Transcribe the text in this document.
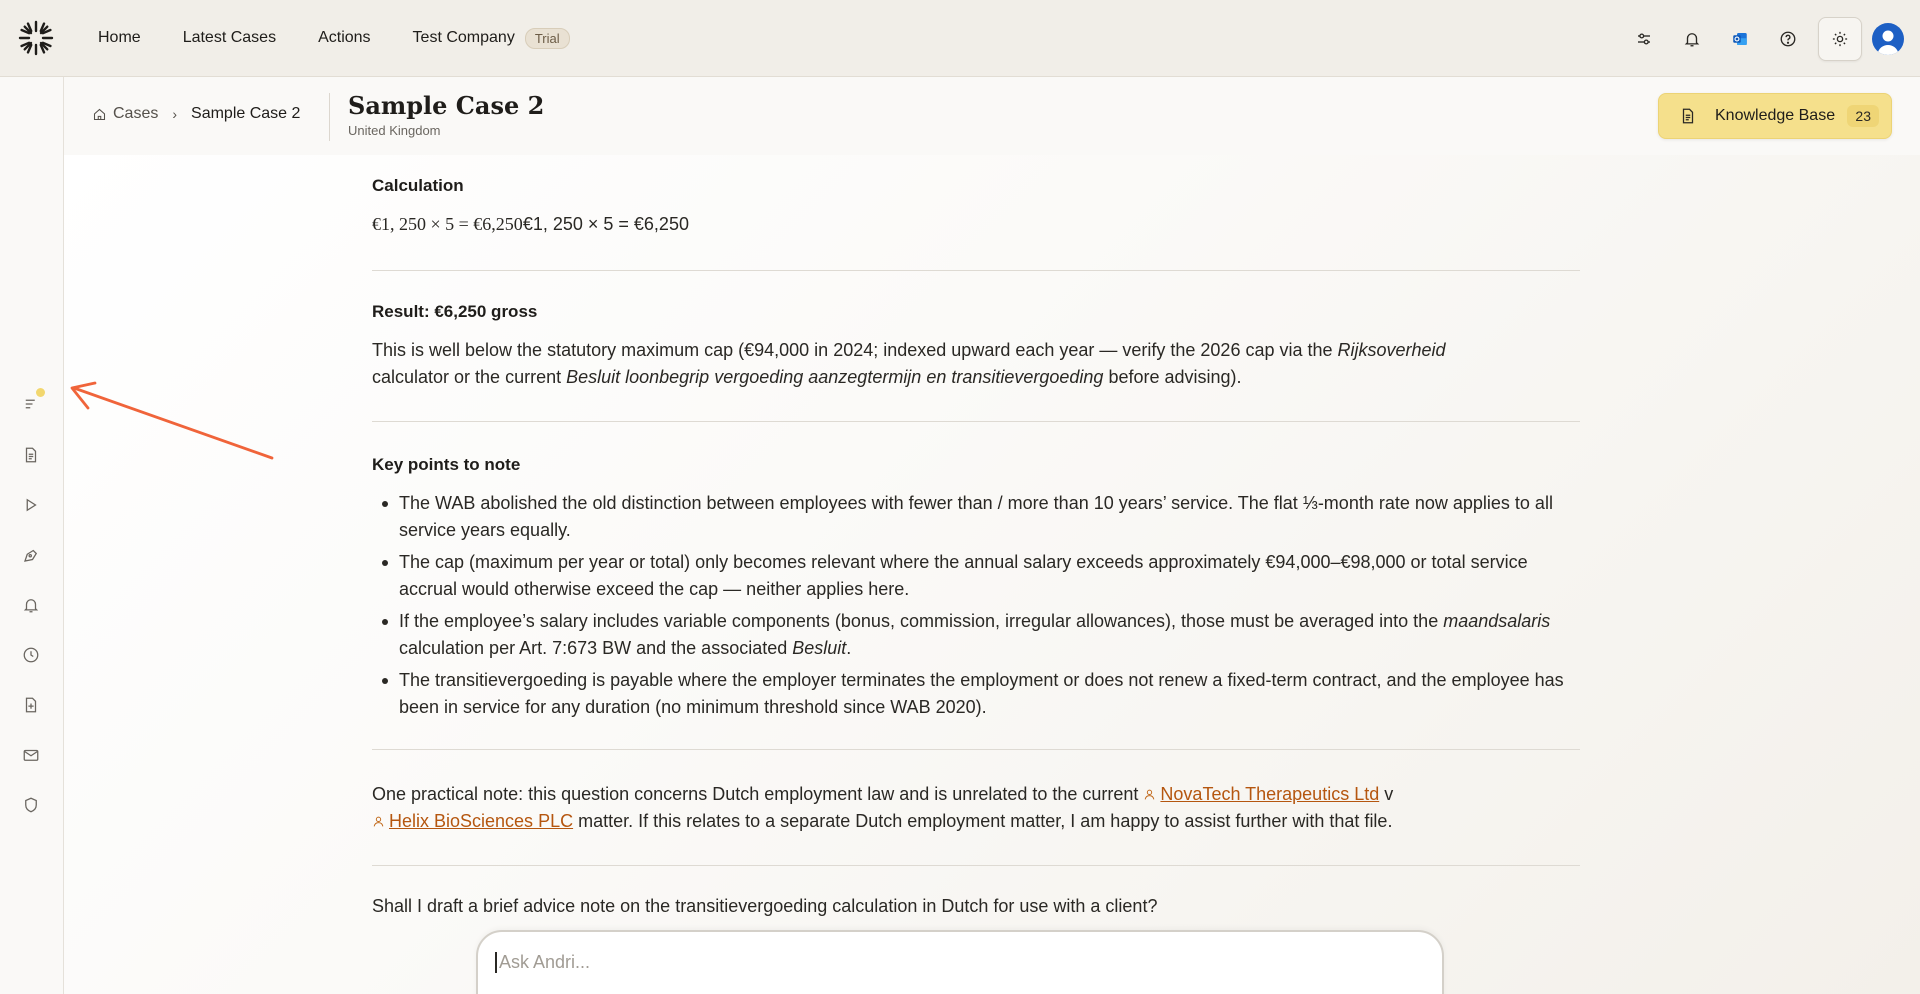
Home	Latest Cases	Actions	Test Company	Trial
Cases › Sample Case 2 Sample Case 2
United Kingdom
Knowledge Base	23
Calculation
€1, 250 × 5 = €6,250€1, 250 × 5 = €6,250
Result: €6,250 gross
This is well below the statutory maximum cap (€94,000 in 2024; indexed upward each year — verify the 2026 cap via the Rijksoverheid
calculator or the current Besluit loonbegrip vergoeding aanzegtermijn en transitievergoeding before advising).
Key points to note
The WAB abolished the old distinction between employees with fewer than / more than 10 years’ service. The flat ⅓-month rate now applies to all service years equally.
The cap (maximum per year or total) only becomes relevant where the annual salary exceeds approximately €94,000–€98,000 or total service accrual would otherwise exceed the cap — neither applies here.
If the employee’s salary includes variable components (bonus, commission, irregular allowances), those must be averaged into the maandsalaris calculation per Art. 7:673 BW and the associated Besluit.
The transitievergoeding is payable where the employer terminates the employment or does not renew a fixed-term contract, and the employee has been in service for any duration (no minimum threshold since WAB 2020).
One practical note: this question concerns Dutch employment law and is unrelated to the current NovaTech Therapeutics Ltd v
Helix BioSciences PLC matter. If this relates to a separate Dutch employment matter, I am happy to assist further with that file.
Shall I draft a brief advice note on the transitievergoeding calculation in Dutch for use with a client?
Ask Andri...
